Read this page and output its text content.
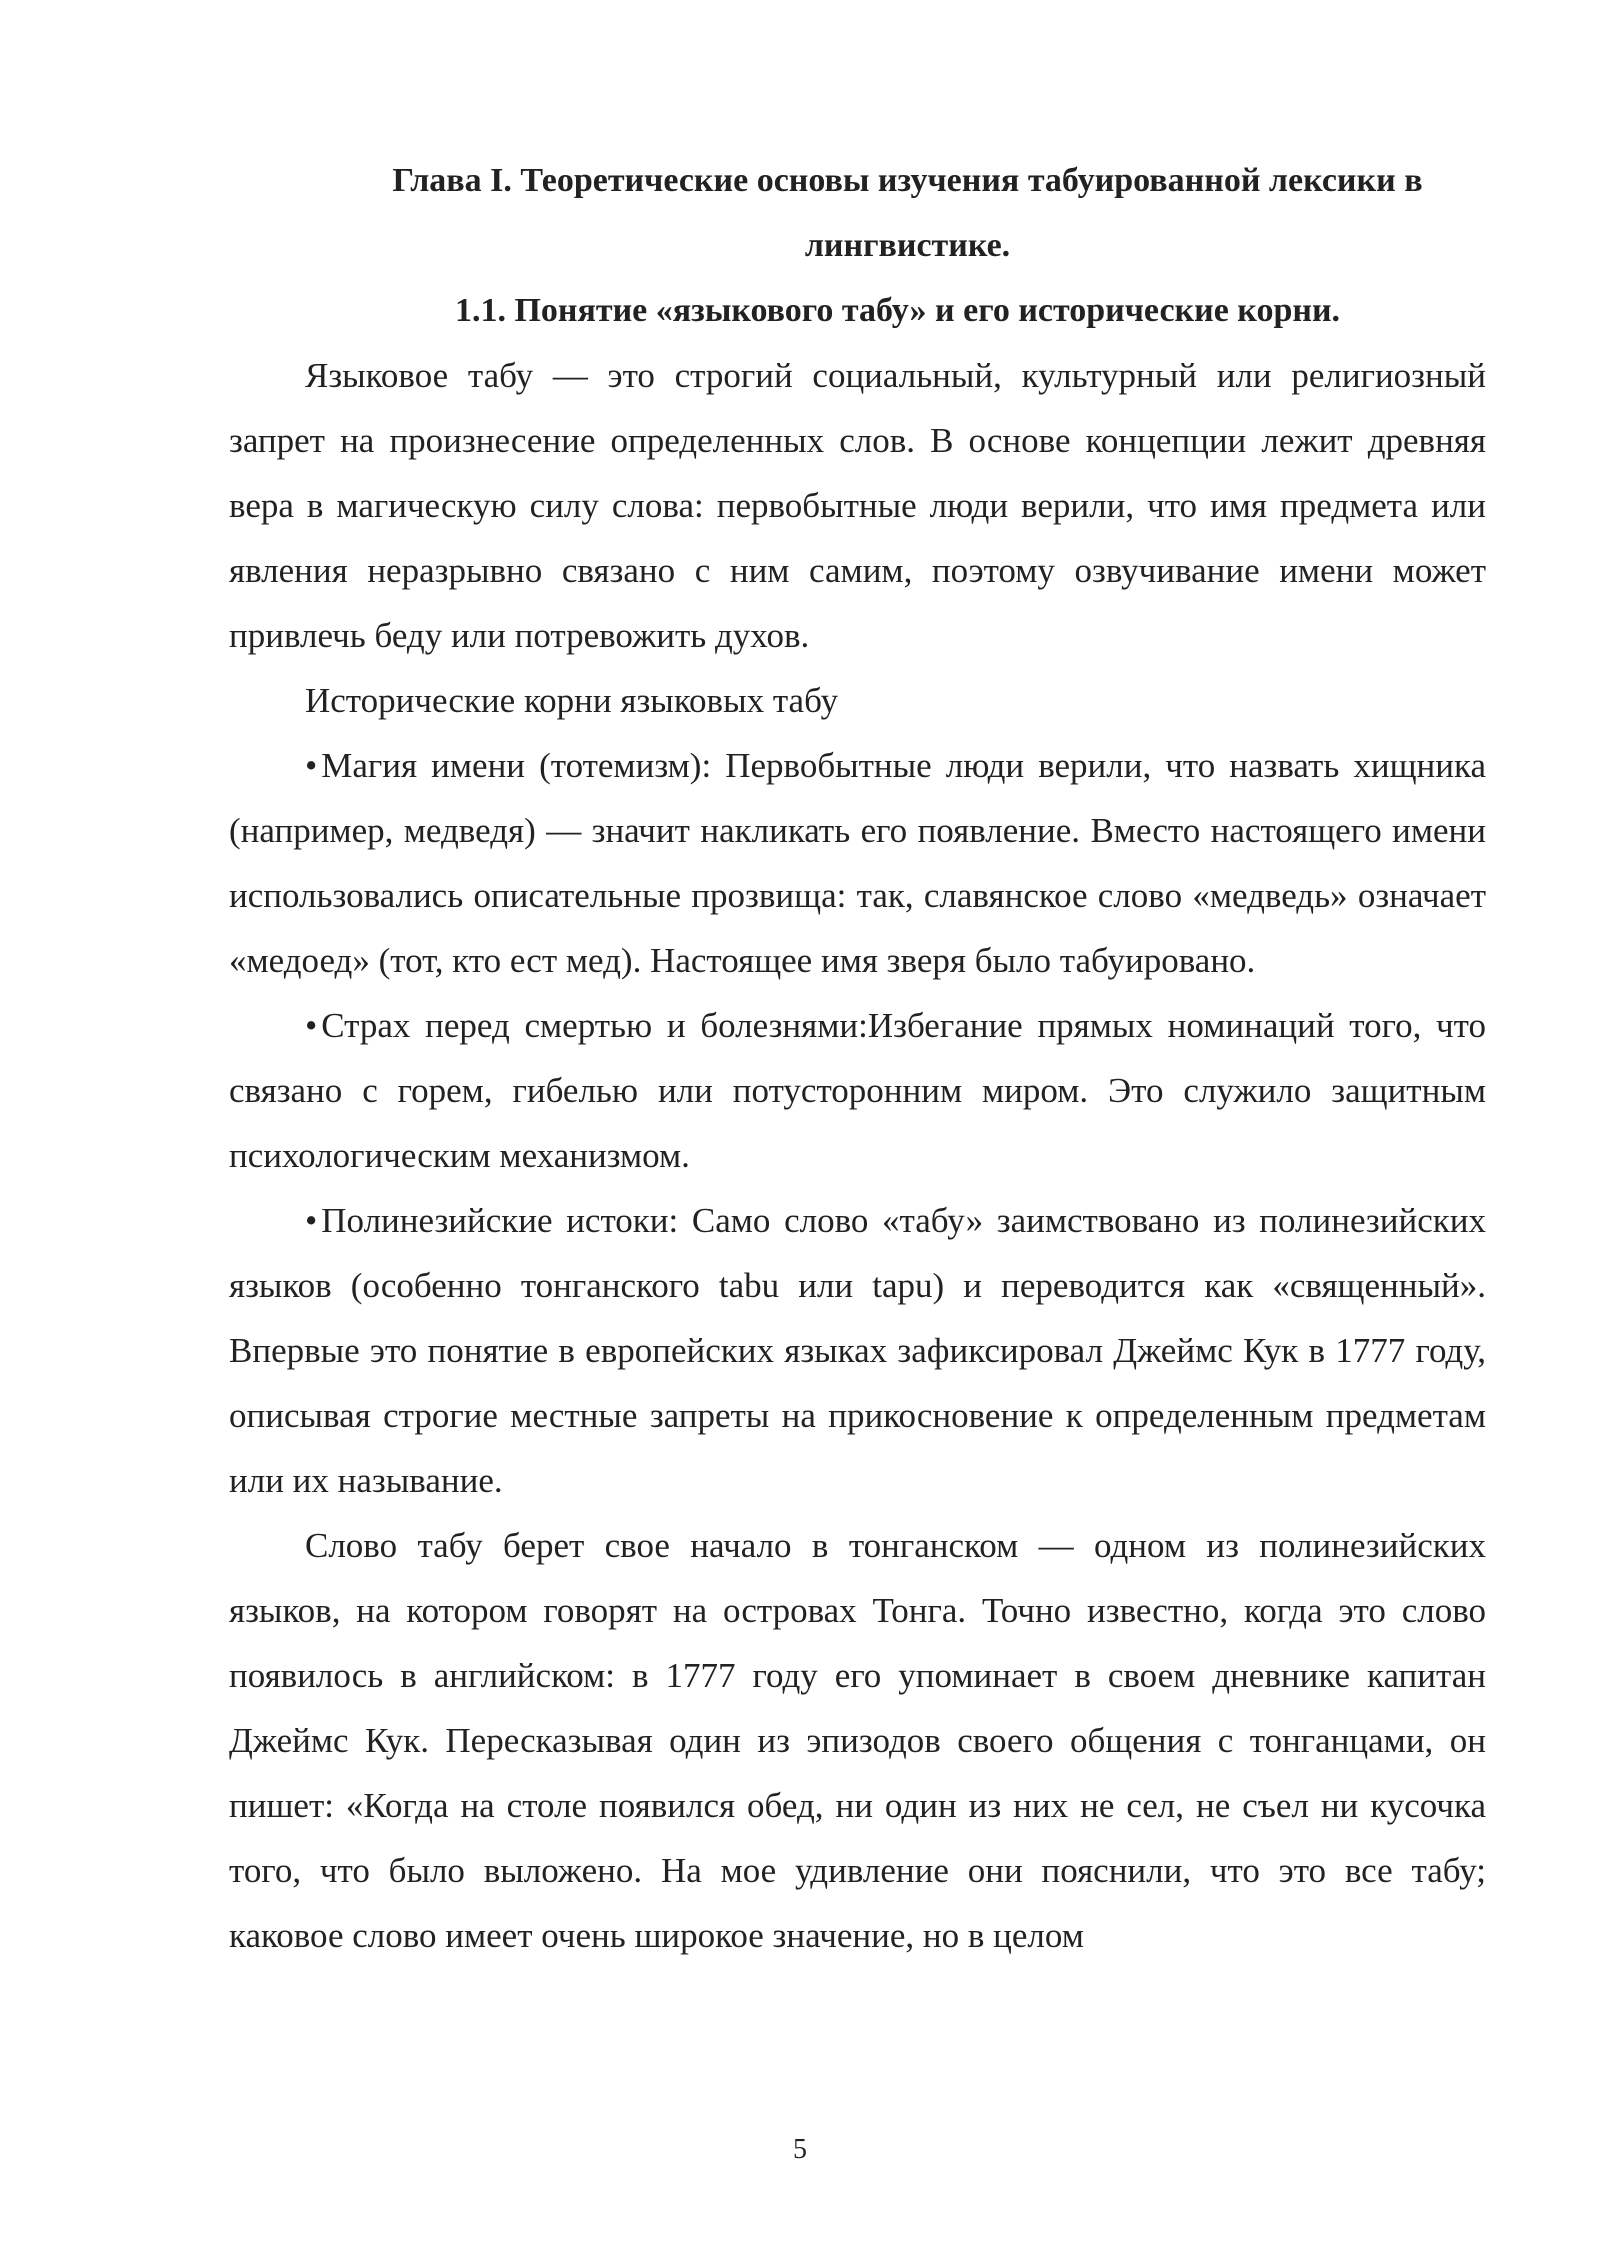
Глава I. Теоретические основы изучения табуированной лексики в лингвистике.
1.1. Понятие «языкового табу» и его исторические корни.

Языковое табу — это строгий социальный, культурный или религиозный запрет на произнесение определенных слов. В основе концепции лежит древняя вера в магическую силу слова: первобытные люди верили, что имя предмета или явления неразрывно связано с ним самим, поэтому озвучивание имени может привлечь беду или потревожить духов.

Исторические корни языковых табу

• Магия имени (тотемизм): Первобытные люди верили, что назвать хищника (например, медведя) — значит накликать его появление. Вместо настоящего имени использовались описательные прозвища: так, славянское слово «медведь» означает «медоед» (тот, кто ест мед). Настоящее имя зверя было табуировано.

• Страх перед смертью и болезнями:Избегание прямых номинаций того, что связано с горем, гибелью или потусторонним миром. Это служило защитным психологическим механизмом.

• Полинезийские истоки: Само слово «табу» заимствовано из полинезийских языков (особенно тонганского tabu или tapu) и переводится как «священный». Впервые это понятие в европейских языках зафиксировал Джеймс Кук в 1777 году, описывая строгие местные запреты на прикосновение к определенным предметам или их называние.

Слово табу берет свое начало в тонганском — одном из полинезийских языков, на котором говорят на островах Тонга. Точно известно, когда это слово появилось в английском: в 1777 году его упоминает в своем дневнике капитан Джеймс Кук. Пересказывая один из эпизодов своего общения с тонганцами, он пишет: «Когда на столе появился обед, ни один из них не сел, не съел ни кусочка того, что было выложено. На мое удивление они пояснили, что это все табу; каковое слово имеет очень широкое значение, но в целом

5
